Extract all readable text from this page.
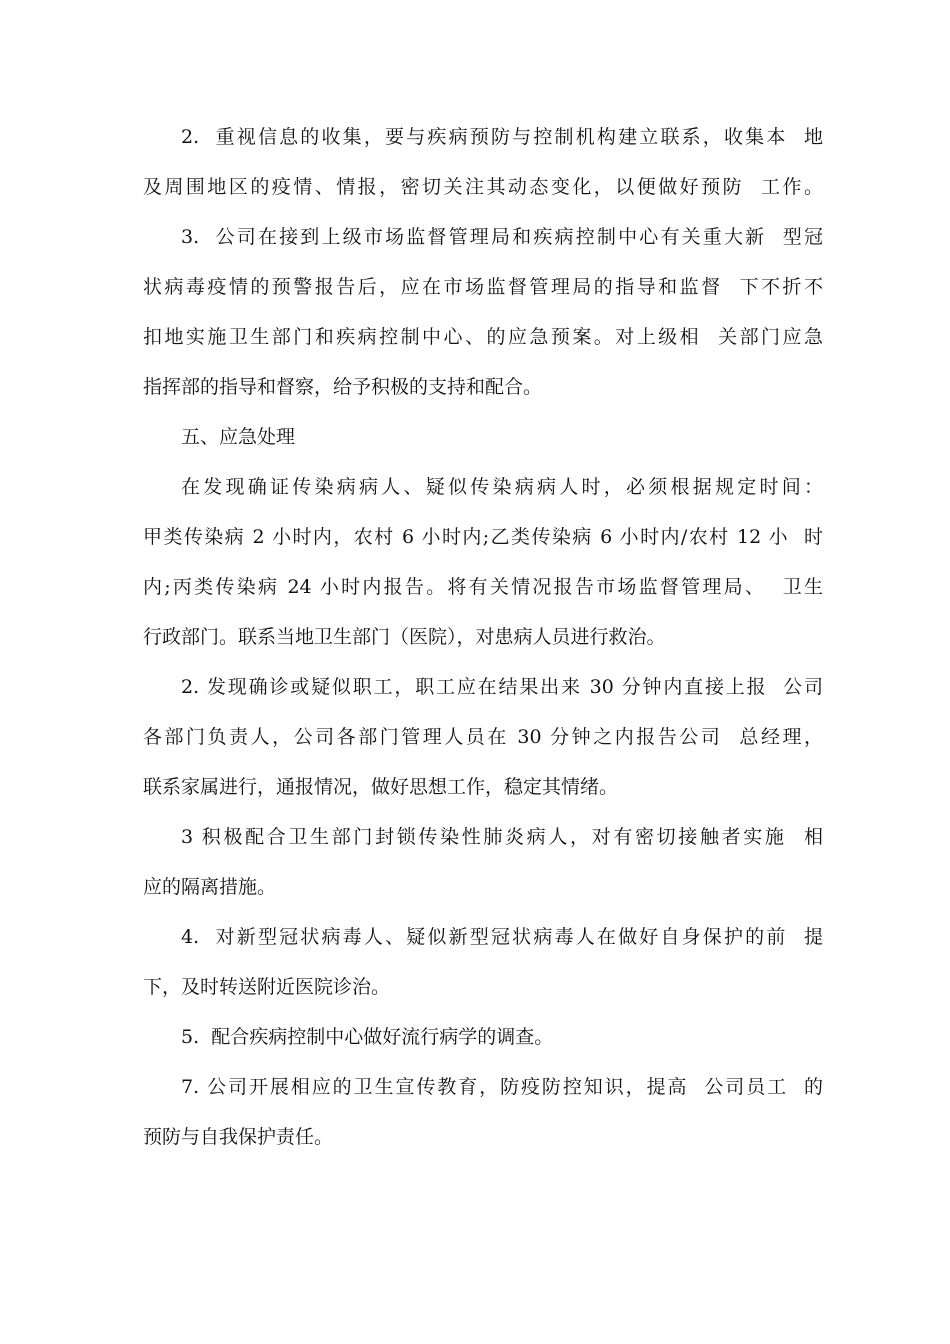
2.  重视信息的收集，要与疾病预防与控制机构建立联系，收集本  地
及周围地区的疫情、情报，密切关注其动态变化，以便做好预防  工作。
3.  公司在接到上级市场监督管理局和疾病控制中心有关重大新  型冠
状病毒疫情的预警报告后，应在市场监督管理局的指导和监督  下不折不
扣地实施卫生部门和疾病控制中心、的应急预案。对上级相  关部门应急
指挥部的指导和督察，给予积极的支持和配合。
五、应急处理
在发现确证传染病病人、疑似传染病病人时，必须根据规定时间：
甲类传染病 2 小时内，农村 6 小时内;乙类传染病 6 小时内/农村 12 小  时
内;丙类传染病 24 小时内报告。将有关情况报告市场监督管理局、  卫生
行政部门。联系当地卫生部门（医院），对患病人员进行救治。
2. 发现确诊或疑似职工，职工应在结果出来 30 分钟内直接上报  公司
各部门负责人，公司各部门管理人员在 30 分钟之内报告公司  总经理，
联系家属进行，通报情况，做好思想工作，稳定其情绪。
3 积极配合卫生部门封锁传染性肺炎病人，对有密切接触者实施  相
应的隔离措施。
4.  对新型冠状病毒人、疑似新型冠状病毒人在做好自身保护的前  提
下，及时转送附近医院诊治。
5.  配合疾病控制中心做好流行病学的调查。
7. 公司开展相应的卫生宣传教育，防疫防控知识，提高  公司员工  的
预防与自我保护责任。
